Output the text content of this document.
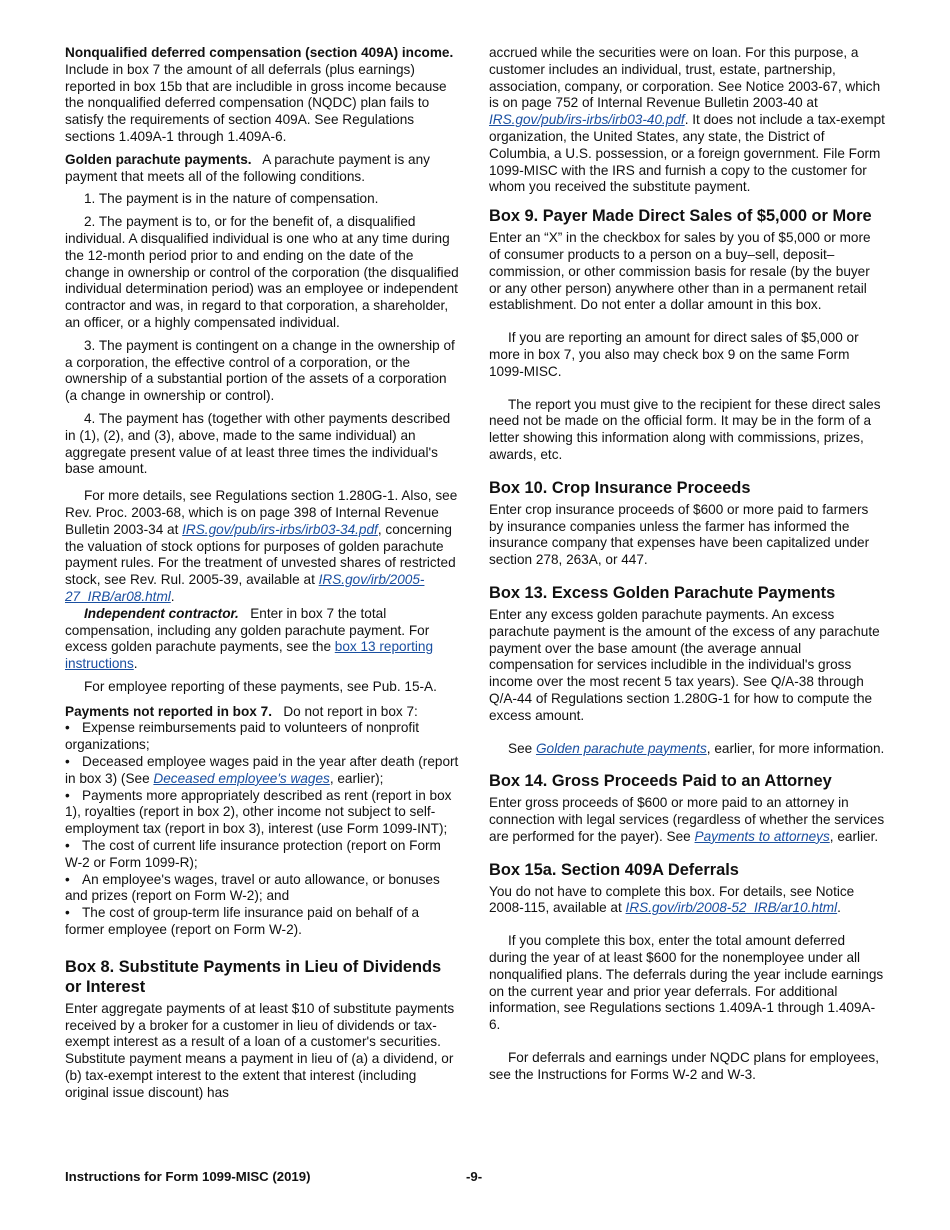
Nonqualified deferred compensation (section 409A) income.   Include in box 7 the amount of all deferrals (plus earnings) reported in box 15b that are includible in gross income because the nonqualified deferred compensation (NQDC) plan fails to satisfy the requirements of section 409A. See Regulations sections 1.409A-1 through 1.409A-6.

Golden parachute payments. A parachute payment is any payment that meets all of the following conditions.

1. The payment is in the nature of compensation.

2. The payment is to, or for the benefit of, a disqualified individual. A disqualified individual is one who at any time during the 12-month period prior to and ending on the date of the change in ownership or control of the corporation (the disqualified individual determination period) was an employee or independent contractor and was, in regard to that corporation, a shareholder, an officer, or a highly compensated individual.

3. The payment is contingent on a change in the ownership of a corporation, the effective control of a corporation, or the ownership of a substantial portion of the assets of a corporation (a change in ownership or control).

4. The payment has (together with other payments described in (1), (2), and (3), above, made to the same individual) an aggregate present value of at least three times the individual's base amount.

For more details, see Regulations section 1.280G-1. Also, see Rev. Proc. 2003-68, which is on page 398 of Internal Revenue Bulletin 2003-34 at IRS.gov/pub/irs-irbs/irb03-34.pdf, concerning the valuation of stock options for purposes of golden parachute payment rules. For the treatment of unvested shares of restricted stock, see Rev. Rul. 2005-39, available at IRS.gov/irb/2005-27_IRB/ar08.html.

Independent contractor. Enter in box 7 the total compensation, including any golden parachute payment. For excess golden parachute payments, see the box 13 reporting instructions.

For employee reporting of these payments, see Pub. 15-A.

Payments not reported in box 7. Do not report in box 7:

• Expense reimbursements paid to volunteers of nonprofit organizations;

• Deceased employee wages paid in the year after death (report in box 3) (See Deceased employee's wages, earlier);

• Payments more appropriately described as rent (report in box 1), royalties (report in box 2), other income not subject to self-employment tax (report in box 3), interest (use Form 1099-INT);

• The cost of current life insurance protection (report on Form W-2 or Form 1099-R);

• An employee's wages, travel or auto allowance, or bonuses and prizes (report on Form W-2); and

• The cost of group-term life insurance paid on behalf of a former employee (report on Form W-2).

Box 8. Substitute Payments in Lieu of Dividends or Interest

Enter aggregate payments of at least $10 of substitute payments received by a broker for a customer in lieu of dividends or tax-exempt interest as a result of a loan of a customer's securities. Substitute payment means a payment in lieu of (a) a dividend, or (b) tax-exempt interest to the extent that interest (including original issue discount) has

accrued while the securities were on loan. For this purpose, a customer includes an individual, trust, estate, partnership, association, company, or corporation. See Notice 2003-67, which is on page 752 of Internal Revenue Bulletin 2003-40 at IRS.gov/pub/irs-irbs/irb03-40.pdf. It does not include a tax-exempt organization, the United States, any state, the District of Columbia, a U.S. possession, or a foreign government. File Form 1099-MISC with the IRS and furnish a copy to the customer for whom you received the substitute payment.

Box 9. Payer Made Direct Sales of $5,000 or More

Enter an “X” in the checkbox for sales by you of $5,000 or more of consumer products to a person on a buy–sell, deposit–commission, or other commission basis for resale (by the buyer or any other person) anywhere other than in a permanent retail establishment. Do not enter a dollar amount in this box.

If you are reporting an amount for direct sales of $5,000 or more in box 7, you also may check box 9 on the same Form 1099-MISC.

The report you must give to the recipient for these direct sales need not be made on the official form. It may be in the form of a letter showing this information along with commissions, prizes, awards, etc.

Box 10. Crop Insurance Proceeds

Enter crop insurance proceeds of $600 or more paid to farmers by insurance companies unless the farmer has informed the insurance company that expenses have been capitalized under section 278, 263A, or 447.

Box 13. Excess Golden Parachute Payments

Enter any excess golden parachute payments. An excess parachute payment is the amount of the excess of any parachute payment over the base amount (the average annual compensation for services includible in the individual's gross income over the most recent 5 tax years). See Q/A-38 through Q/A-44 of Regulations section 1.280G-1 for how to compute the excess amount.

See Golden parachute payments, earlier, for more information.

Box 14. Gross Proceeds Paid to an Attorney

Enter gross proceeds of $600 or more paid to an attorney in connection with legal services (regardless of whether the services are performed for the payer). See Payments to attorneys, earlier.

Box 15a. Section 409A Deferrals

You do not have to complete this box. For details, see Notice 2008-115, available at IRS.gov/irb/2008-52_IRB/ar10.html.

If you complete this box, enter the total amount deferred during the year of at least $600 for the nonemployee under all nonqualified plans. The deferrals during the year include earnings on the current year and prior year deferrals. For additional information, see Regulations sections 1.409A-1 through 1.409A-6.

For deferrals and earnings under NQDC plans for employees, see the Instructions for Forms W-2 and W-3.

Instructions for Form 1099-MISC (2019)	-9-
